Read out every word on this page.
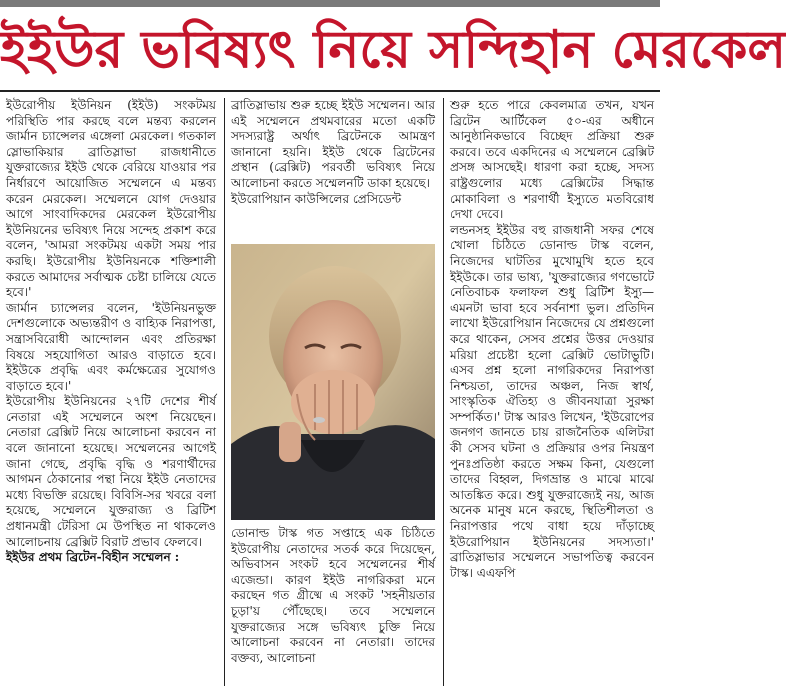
ইইউর ভবিষ্যৎ নিয়ে সন্দিহান মেরকেল

ইউরোপীয় ইউনিয়ন (ইইউ) সংকটময় পরিস্থিতি পার করছে বলে মন্তব্য করলেন জার্মান চ্যান্সেলর এঙ্গেলা মেরকেল। গতকাল স্লোভাকিয়ার ব্রাতিস্লাভা রাজধানীতে যুক্তরাজ্যের ইইউ থেকে বেরিয়ে যাওয়ার পর নির্ধারণে আয়োজিত সম্মেলনে এ মন্তব্য করেন মেরকেল। সম্মেলনে যোগ দেওয়ার আগে সাংবাদিকদের মেরকেল ইউরোপীয় ইউনিয়নের ভবিষ্যৎ নিয়ে সন্দেহ প্রকাশ করে বলেন, 'আমরা সংকটময় একটা সময় পার করছি। ইউরোপীয় ইউনিয়নকে শক্তিশালী করতে আমাদের সর্বাত্মক চেষ্টা চালিয়ে যেতে হবে।'

জার্মান চ্যান্সেলর বলেন, 'ইউনিয়নভুক্ত দেশগুলোকে অভ্যন্তরীণ ও বাহ্যিক নিরাপত্তা, সন্ত্রাসবিরোধী আন্দোলন এবং প্রতিরক্ষা বিষয়ে সহযোগিতা আরও বাড়াতে হবে। ইইউকে প্রবৃদ্ধি এবং কর্মক্ষেত্রের সুযোগও বাড়াতে হবে।'

ইউরোপীয় ইউনিয়নের ২৭টি দেশের শীর্ষ নেতারা এই সম্মেলনে অংশ নিয়েছেন। নেতারা ব্রেক্সিট নিয়ে আলোচনা করবেন না বলে জানানো হয়েছে। সম্মেলনের আগেই জানা গেছে, প্রবৃদ্ধি বৃদ্ধি ও শরণার্থীদের আগমন ঠেকানোর পন্থা নিয়ে ইইউ নেতাদের মধ্যে বিভক্তি রয়েছে। বিবিসি-সর খবরে বলা হয়েছে, সম্মেলনে যুক্তরাজ্য ও ব্রিটিশ প্রধানমন্ত্রী টেরিসা মে উপস্থিত না থাকলেও আলোচনায় ব্রেক্সিট বিরাট প্রভাব ফেলবে।

ইইউর প্রথম ব্রিটেন-বিহীন সম্মেলন :

ব্রাতিস্লাভায় শুরু হচ্ছে ইইউ সম্মেলন। আর এই সম্মেলনে প্রথমবারের মতো একটি সদস্যরাষ্ট্র অর্থাৎ ব্রিটেনকে আমন্ত্রণ জানানো হয়নি। ইইউ থেকে ব্রিটেনের প্রস্থান (ব্রেক্সিট) পরবর্তী ভবিষ্যৎ নিয়ে আলোচনা করতে সম্মেলনটি ডাকা হয়েছে।

ইউরোপিয়ান কাউন্সিলের প্রেসিডেন্ট

ডোনাল্ড টাস্ক গত সপ্তাহে এক চিঠিতে ইউরোপীয় নেতাদের সতর্ক করে দিয়েছেন, অভিবাসন সংকট হবে সম্মেলনের শীর্ষ এজেন্ডা। কারণ ইইউ নাগরিকরা মনে করছেন গত গ্রীষ্মে এ সংকট 'সহনীয়তার চূড়া'য় পৌঁছেছে। তবে সম্মেলনে যুক্তরাজ্যের সঙ্গে ভবিষ্যৎ চুক্তি নিয়ে আলোচনা করবেন না নেতারা। তাদের বক্তব্য, আলোচনা

শুরু হতে পারে কেবলমাত্র তখন, যখন ব্রিটেন আর্টিকেল ৫০-এর অধীনে আনুষ্ঠানিকভাবে বিচ্ছেদ প্রক্রিয়া শুরু করবে। তবে একদিনের এ সম্মেলনে ব্রেক্সিট প্রসঙ্গ আসছেই। ধারণা করা হচ্ছে, সদস্য রাষ্ট্রগুলোর মধ্যে ব্রেক্সিটের সিদ্ধান্ত মোকাবিলা ও শরণার্থী ইস্যুতে মতবিরোধ দেখা দেবে।

লন্ডনসহ ইইউর বহু রাজধানী সফর শেষে খোলা চিঠিতে ডোনাল্ড টাস্ক বলেন, নিজেদের ঘাটতির মুখোমুখি হতে হবে ইইউকে। তার ভাষ্য, 'যুক্তরাজ্যের গণভোটে নেতিবাচক ফলাফল শুধু ব্রিটিশ ইস্যু—এমনটা ভাবা হবে সর্বনাশা ভুল। প্রতিদিন লাখো ইউরোপিয়ান নিজেদের যে প্রশ্নগুলো করে থাকেন, সেসব প্রশ্নের উত্তর দেওয়ার মরিয়া প্রচেষ্টা হলো ব্রেক্সিট ভোটাভুটি। এসব প্রশ্ন হলো নাগরিকদের নিরাপত্তা নিশ্চয়তা, তাদের অঞ্চল, নিজ স্বার্থ, সাংস্কৃতিক ঐতিহ্য ও জীবনযাত্রা সুরক্ষা সম্পর্কিত।' টাস্ক আরও লিখেন, 'ইউরোপের জনগণ জানতে চায় রাজনৈতিক এলিটরা কী সেসব ঘটনা ও প্রক্রিয়ার ওপর নিয়ন্ত্রণ পুনঃপ্রতিষ্ঠা করতে সক্ষম কিনা, যেগুলো তাদের বিহ্বল, দিগভ্রান্ত ও মাঝে মাঝে আতঙ্কিত করে। শুধু যুক্তরাজ্যেই নয়, আজ অনেক মানুষ মনে করছে, স্থিতিশীলতা ও নিরাপত্তার পথে বাধা হয়ে দাঁড়াচ্ছে ইউরোপিয়ান ইউনিয়নের সদস্যতা।' ব্রাতিস্লাভার সম্মেলনে সভাপতিত্ব করবেন টাস্ক। এএফপি
